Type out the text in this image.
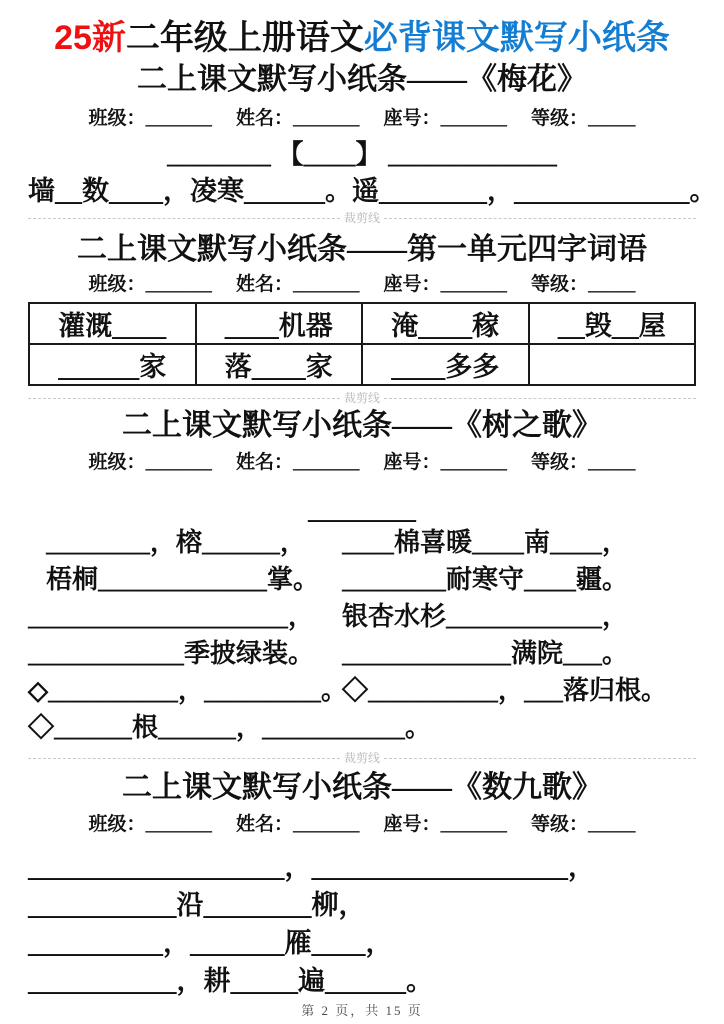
25新二年级上册语文必背课文默写小纸条
二上课文默写小纸条——《梅花》
班级： _______ 姓名： _______ 座号： _______ 等级： _____
________ 【____】 _____________
墙__数____，凌寒______。遥________，_____________。
裁剪线
二上课文默写小纸条——第一单元四字词语
班级： _______ 姓名： _______ 座号： _______ 等级： _____
灌溉____	____机器	淹____稼	__毁__屋
______家	落____家	____多多	
裁剪线
二上课文默写小纸条——《树之歌》
班级： _______ 姓名： _______ 座号： _______ 等级： _____
________
________，榕______，
梧桐_____________掌。
____________________，
____________季披绿装。
◇__________，_________。
◇______根______，___________。
____棉喜暖____南____，
________耐寒守____疆。
银杏水杉____________，
_____________满院___。
◇__________，___落归根。
裁剪线
二上课文默写小纸条——《数九歌》
班级： _______ 姓名： _______ 座号： _______ 等级： _____
___________________，___________________，
___________沿________柳，
__________，_______雁____，
___________，耕_____遍______。
第 2 页，共 15 页
